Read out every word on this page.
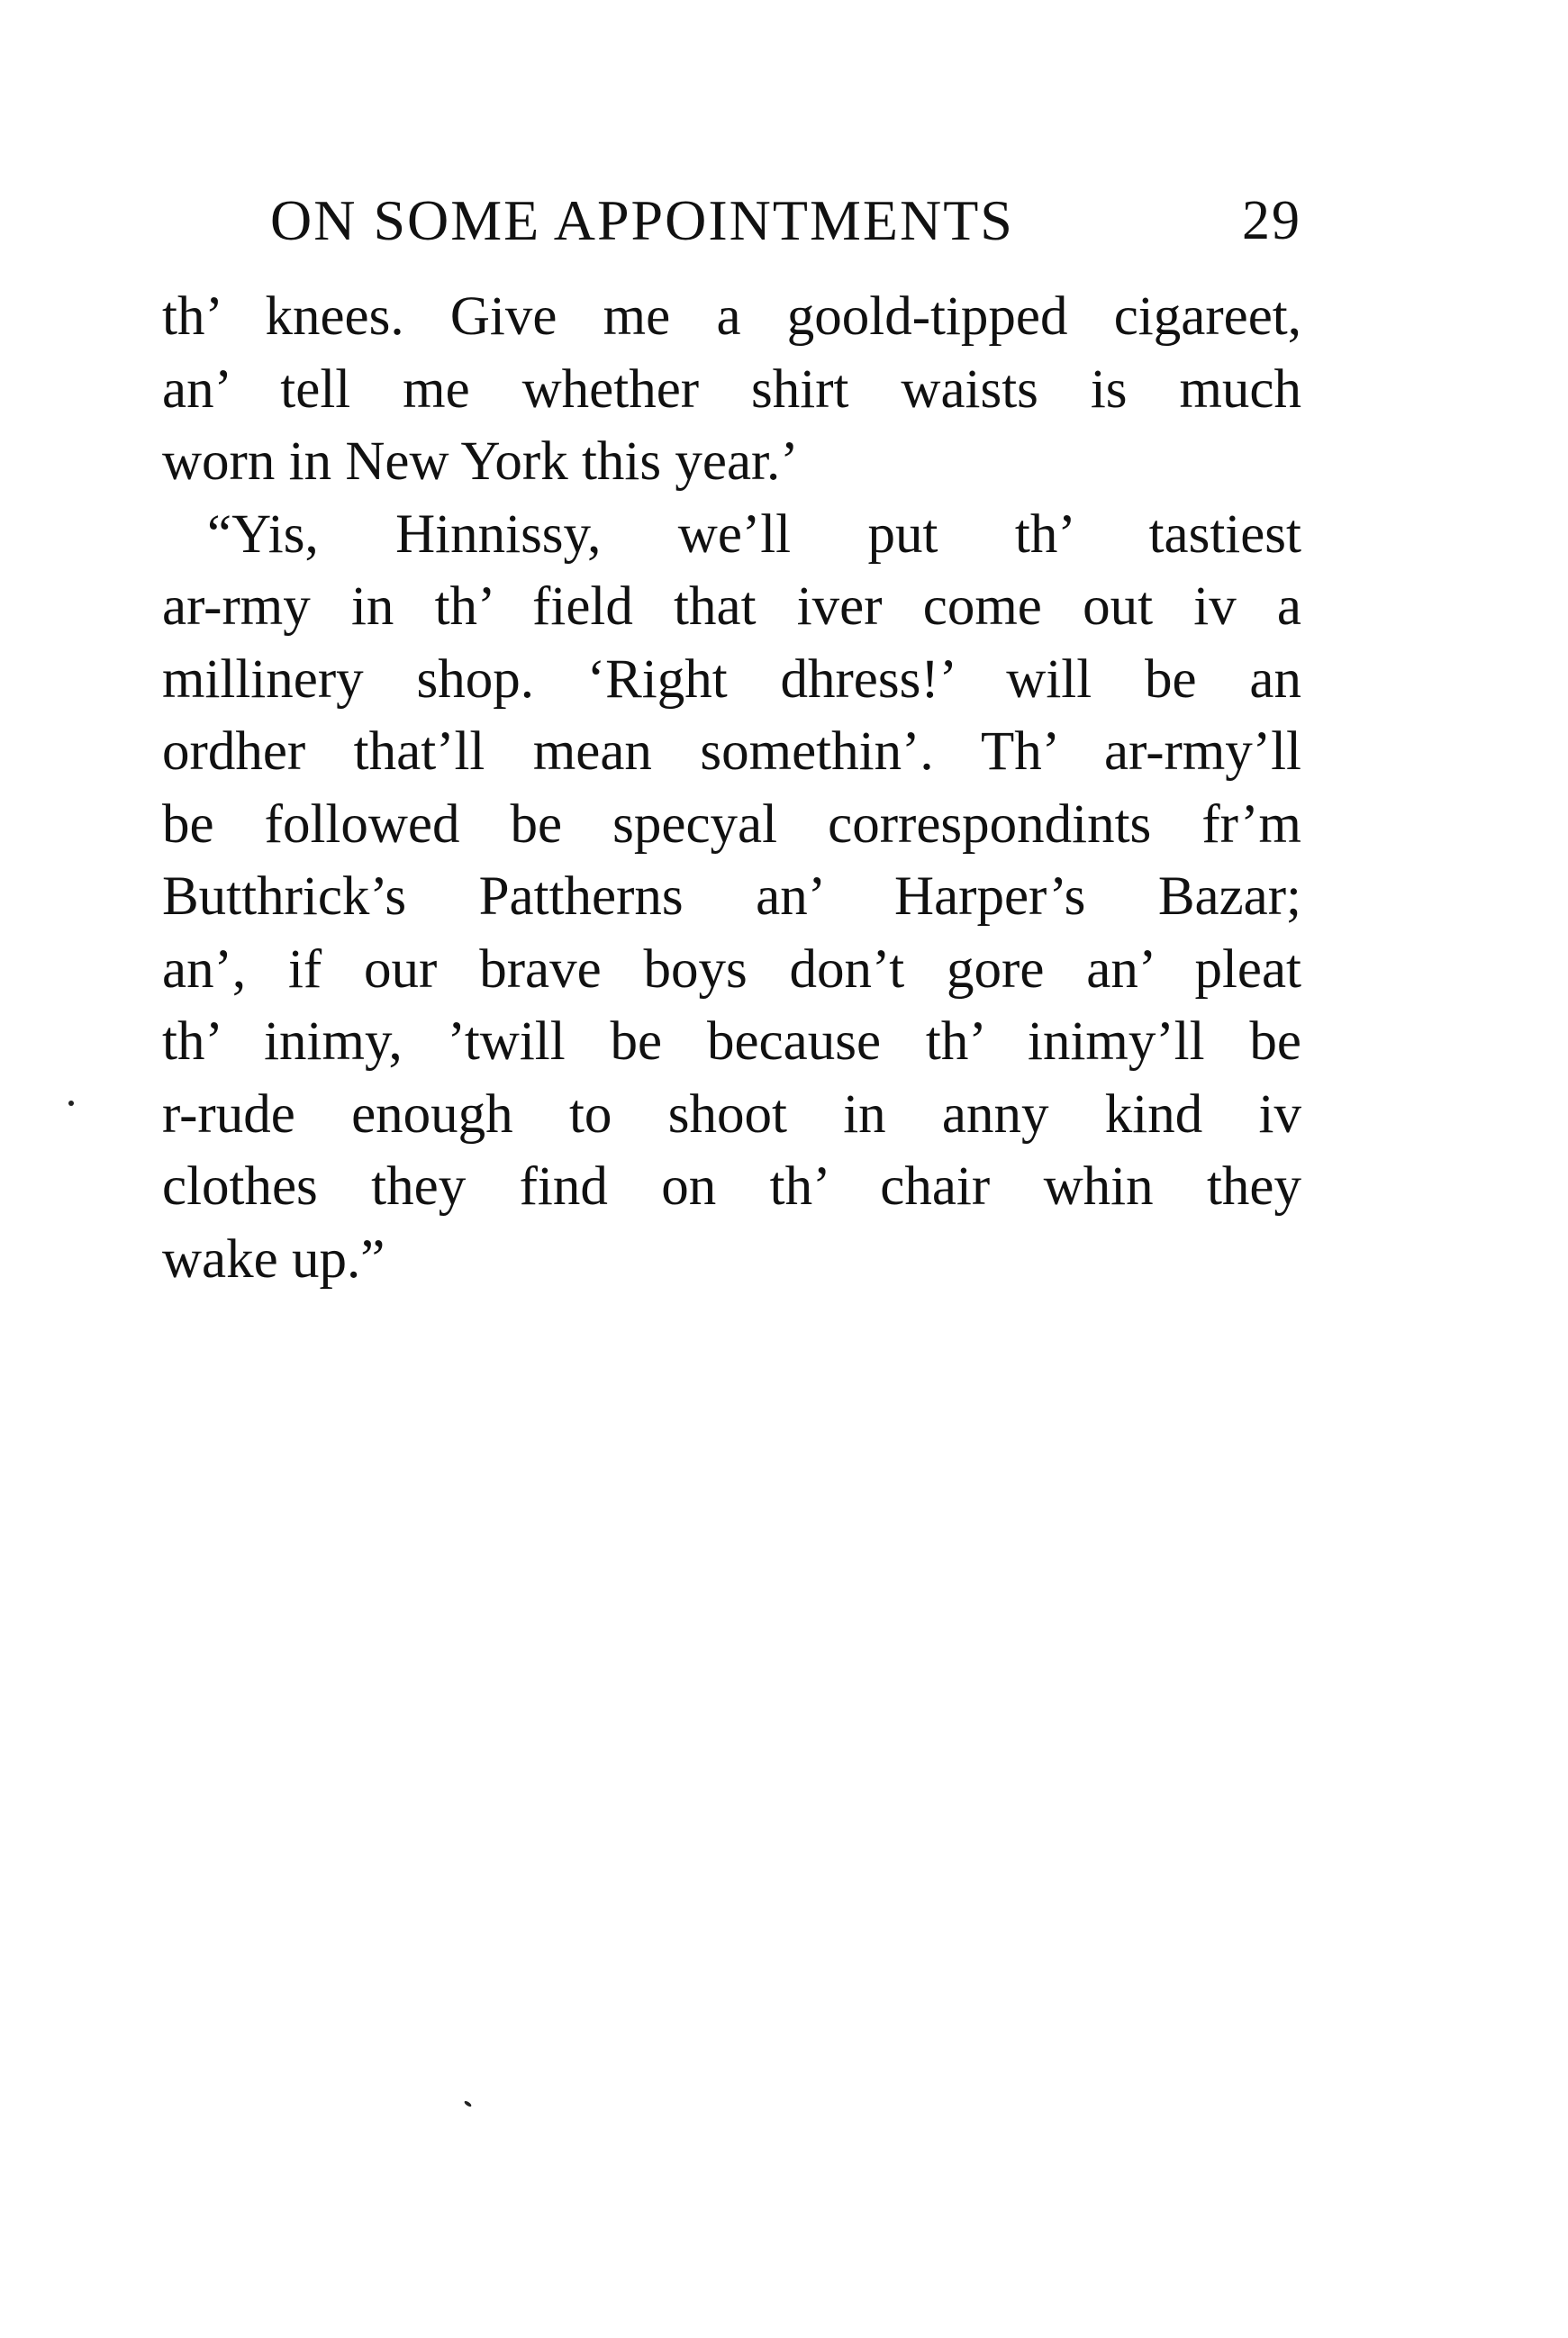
ON SOME APPOINTMENTS	29
th’ knees. Give me a goold-tipped cigareet,
an’ tell me whether shirt waists is much
worn in New York this year.’
“Yis, Hinnissy, we’ll put th’ tastiest
ar-rmy in th’ field that iver come out iv a
millinery shop. ‘Right dhress!’ will be an
ordher that’ll mean somethin’. Th’ ar-rmy’ll
be followed be specyal correspondints fr’m
Butthrick’s Pattherns an’ Harper’s Bazar;
an’, if our brave boys don’t gore an’ pleat
th’ inimy, ’twill be because th’ inimy’ll be
r-rude enough to shoot in anny kind iv
clothes they find on th’ chair whin they
wake up.”
